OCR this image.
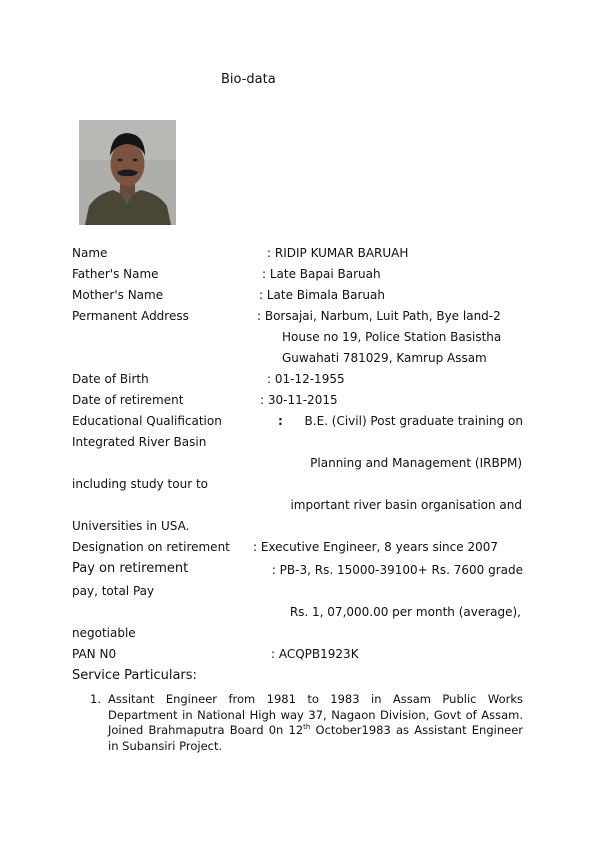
Bio-data
Name	: RIDIP KUMAR BARUAH
Father's Name	: Late Bapai Baruah
Mother's Name	: Late Bimala Baruah
Permanent Address	: Borsajai, Narbum, Luit Path, Bye land-2
House no 19, Police Station Basistha
Guwahati 781029, Kamrup Assam
Date of Birth	: 01-12-1955
Date of retirement	: 30-11-2015
Educational Qualification	: B.E. (Civil) Post graduate training on
Integrated River Basin
Planning and Management (IRBPM)
including study tour to
important river basin organisation and
Universities in USA.
Designation on retirement : Executive Engineer, 8 years since 2007
Pay on retirement	: PB-3, Rs. 15000-39100+ Rs. 7600 grade
pay, total Pay
Rs. 1, 07,000.00 per month (average),
negotiable
PAN N0	: ACQPB1923K
Service Particulars:
1. Assitant Engineer from 1981 to 1983 in Assam Public Works Department in National High way 37, Nagaon Division, Govt of Assam. Joined Brahmaputra Board 0n 12th October1983 as Assistant Engineer in Subansiri Project.
